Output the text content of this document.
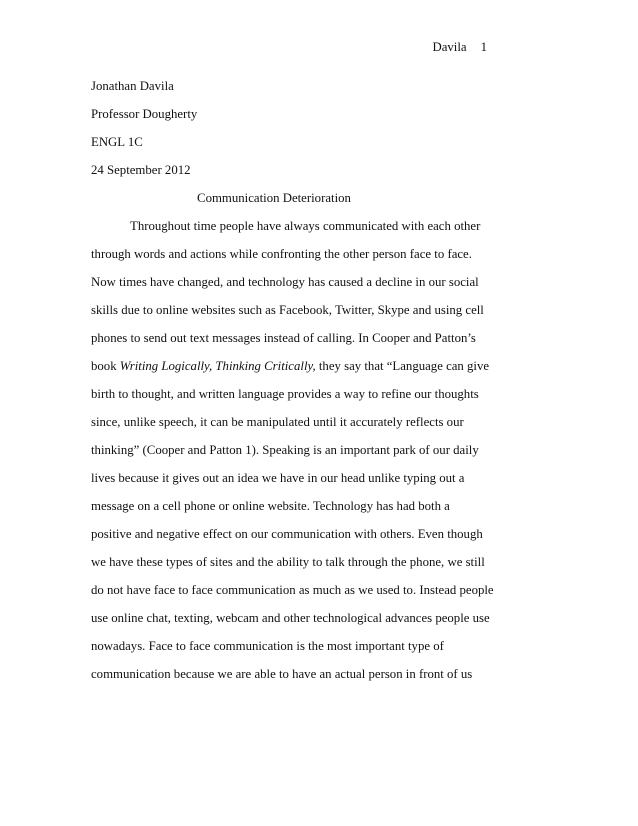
Davila 1
Jonathan Davila
Professor Dougherty
ENGL 1C
24 September 2012
Communication Deterioration
Throughout time people have always communicated with each other
through words and actions while confronting the other person face to face.
Now times have changed, and technology has caused a decline in our social
skills due to online websites such as Facebook, Twitter, Skype and using cell
phones to send out text messages instead of calling. In Cooper and Patton’s
book Writing Logically, Thinking Critically, they say that “Language can give
birth to thought, and written language provides a way to refine our thoughts
since, unlike speech, it can be manipulated until it accurately reflects our
thinking” (Cooper and Patton 1). Speaking is an important park of our daily
lives because it gives out an idea we have in our head unlike typing out a
message on a cell phone or online website. Technology has had both a
positive and negative effect on our communication with others. Even though
we have these types of sites and the ability to talk through the phone, we still
do not have face to face communication as much as we used to. Instead people
use online chat, texting, webcam and other technological advances people use
nowadays. Face to face communication is the most important type of
communication because we are able to have an actual person in front of us
